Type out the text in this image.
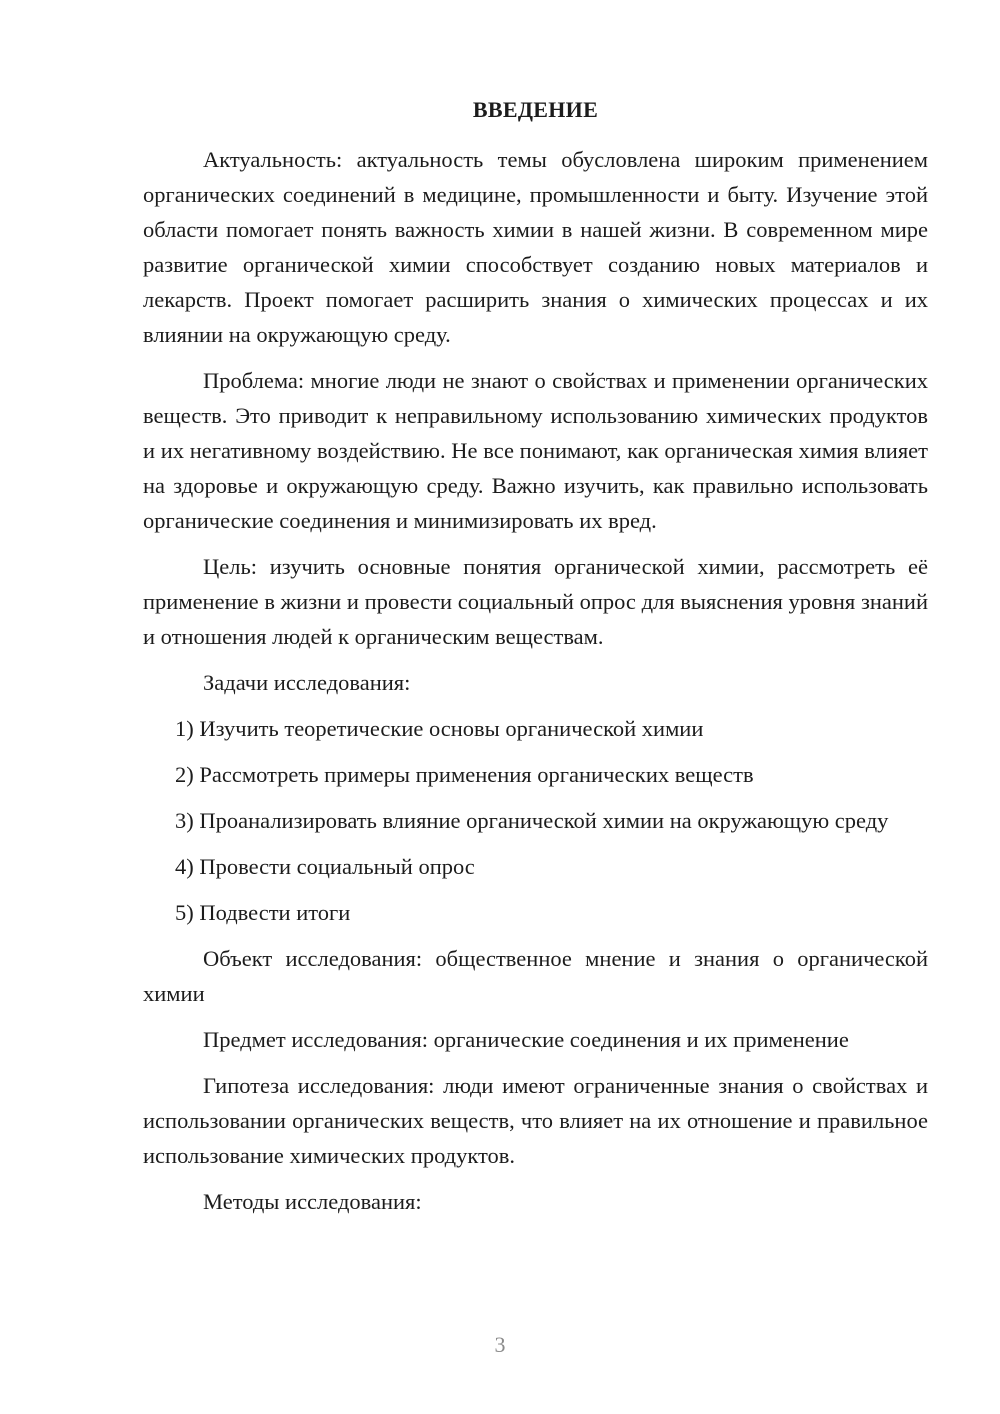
ВВЕДЕНИЕ

Актуальность: актуальность темы обусловлена широким применением органических соединений в медицине, промышленности и быту. Изучение этой области помогает понять важность химии в нашей жизни. В современном мире развитие органической химии способствует созданию новых материалов и лекарств. Проект помогает расширить знания о химических процессах и их влиянии на окружающую среду.

Проблема: многие люди не знают о свойствах и применении органических веществ. Это приводит к неправильному использованию химических продуктов и их негативному воздействию. Не все понимают, как органическая химия влияет на здоровье и окружающую среду. Важно изучить, как правильно использовать органические соединения и минимизировать их вред.

Цель: изучить основные понятия органической химии, рассмотреть её применение в жизни и провести социальный опрос для выяснения уровня знаний и отношения людей к органическим веществам.

Задачи исследования:

1) Изучить теоретические основы органической химии

2) Рассмотреть примеры применения органических веществ

3) Проанализировать влияние органической химии на окружающую среду

4) Провести социальный опрос

5) Подвести итоги

Объект исследования: общественное мнение и знания о органической химии

Предмет исследования: органические соединения и их применение

Гипотеза исследования: люди имеют ограниченные знания о свойствах и использовании органических веществ, что влияет на их отношение и правильное использование химических продуктов.

Методы исследования:

3
